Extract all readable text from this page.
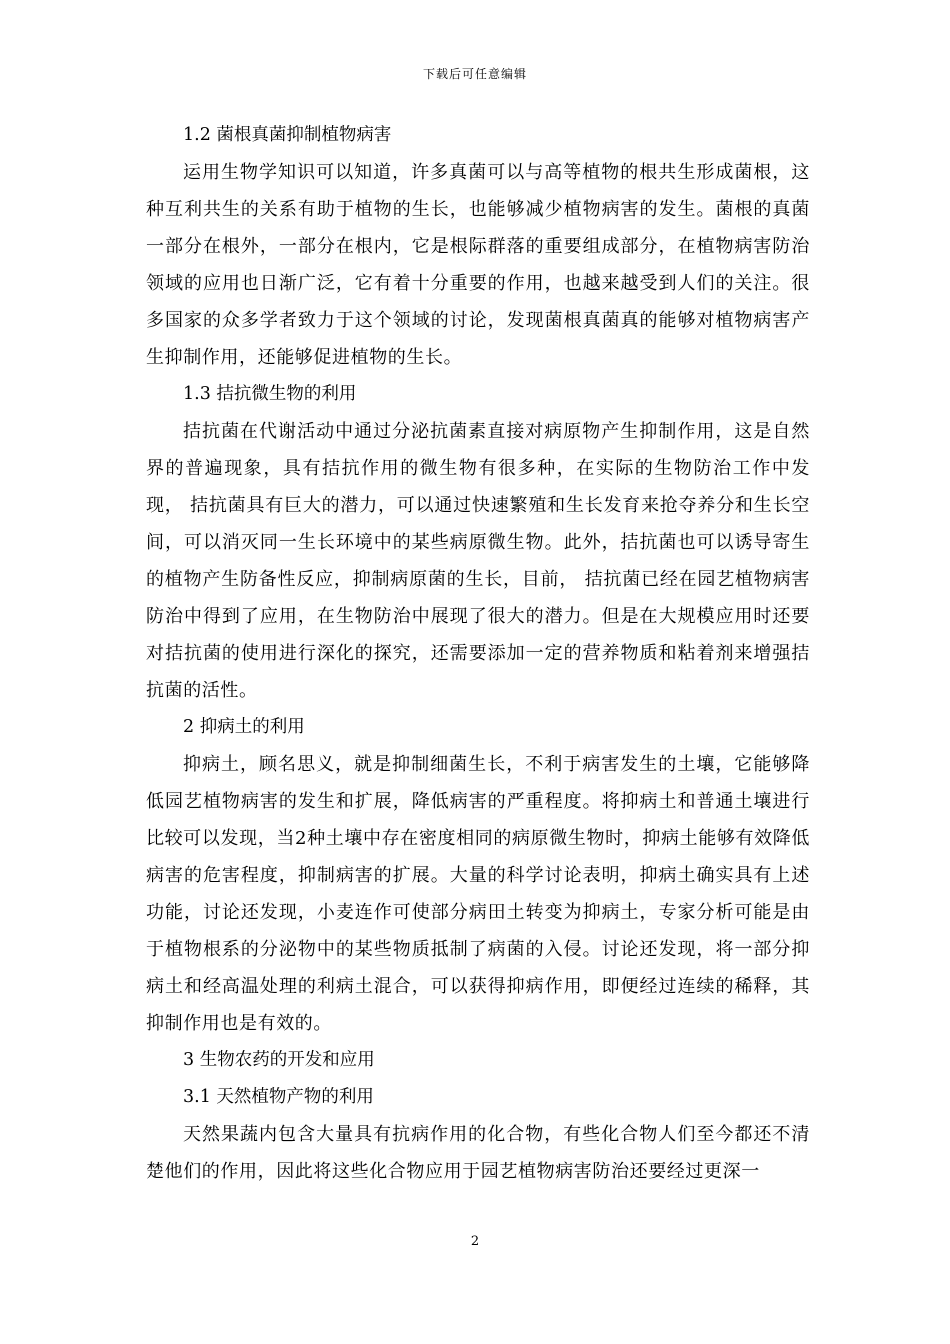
下载后可任意编辑

1.2 菌根真菌抑制植物病害

运用生物学知识可以知道，许多真菌可以与高等植物的根共生形成菌根，这种互利共生的关系有助于植物的生长，也能够减少植物病害的发生。菌根的真菌一部分在根外，一部分在根内，它是根际群落的重要组成部分，在植物病害防治领域的应用也日渐广泛，它有着十分重要的作用，也越来越受到人们的关注。很多国家的众多学者致力于这个领域的讨论，发现菌根真菌真的能够对植物病害产生抑制作用，还能够促进植物的生长。

1.3 拮抗微生物的利用

拮抗菌在代谢活动中通过分泌抗菌素直接对病原物产生抑制作用，这是自然界的普遍现象，具有拮抗作用的微生物有很多种，在实际的生物防治工作中发现， 拮抗菌具有巨大的潜力，可以通过快速繁殖和生长发育来抢夺养分和生长空间，可以消灭同一生长环境中的某些病原微生物。此外，拮抗菌也可以诱导寄生的植物产生防备性反应，抑制病原菌的生长，目前， 拮抗菌已经在园艺植物病害防治中得到了应用，在生物防治中展现了很大的潜力。但是在大规模应用时还要对拮抗菌的使用进行深化的探究，还需要添加一定的营养物质和粘着剂来增强拮抗菌的活性。

2 抑病土的利用

抑病土，顾名思义，就是抑制细菌生长，不利于病害发生的土壤，它能够降低园艺植物病害的发生和扩展，降低病害的严重程度。将抑病土和普通土壤进行比较可以发现，当2种土壤中存在密度相同的病原微生物时，抑病土能够有效降低病害的危害程度，抑制病害的扩展。大量的科学讨论表明，抑病土确实具有上述功能，讨论还发现，小麦连作可使部分病田土转变为抑病土，专家分析可能是由于植物根系的分泌物中的某些物质抵制了病菌的入侵。讨论还发现，将一部分抑病土和经高温处理的利病土混合，可以获得抑病作用，即便经过连续的稀释，其抑制作用也是有效的。

3 生物农药的开发和应用

3.1 天然植物产物的利用

天然果蔬内包含大量具有抗病作用的化合物，有些化合物人们至今都还不清楚他们的作用，因此将这些化合物应用于园艺植物病害防治还要经过更深一

2
